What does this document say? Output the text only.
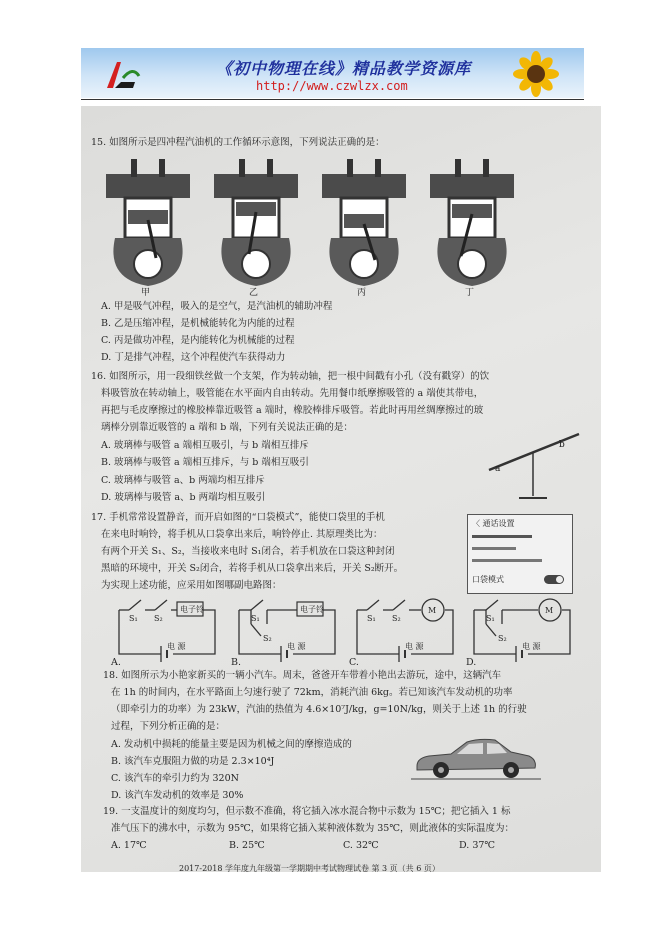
《初中物理在线》精品教学资源库
http://www.czwlzx.com
15. 如图所示是四冲程汽油机的工作循环示意图，下列说法正确的是：
甲	乙	丙	丁
A. 甲是吸气冲程，吸入的是空气，是汽油机的辅助冲程
B. 乙是压缩冲程，是机械能转化为内能的过程
C. 丙是做功冲程，是内能转化为机械能的过程
D. 丁是排气冲程，这个冲程使汽车获得动力
16. 如图所示，用一段细铁丝做一个支架，作为转动轴，把一根中间戳有小孔（没有戳穿）的饮
料吸管放在转动轴上，吸管能在水平面内自由转动。先用餐巾纸摩擦吸管的 a 端使其带电，
再把与毛皮摩擦过的橡胶棒靠近吸管 a 端时，橡胶棒排斥吸管。若此时再用丝绸摩擦过的玻
璃棒分别靠近吸管的 a 端和 b 端，下列有关说法正确的是：
A. 玻璃棒与吸管 a 端相互吸引，与 b 端相互排斥
B. 玻璃棒与吸管 a 端相互排斥，与 b 端相互吸引
C. 玻璃棒与吸管 a、b 两端均相互排斥
D. 玻璃棒与吸管 a、b 两端均相互吸引
b
a
17. 手机常常设置静音，而开启如图的“口袋模式”，能使口袋里的手机
在来电时响铃，将手机从口袋拿出来后，响铃停止. 其原理类比为：
有两个开关 S₁、S₂，当接收来电时 S₁闭合，若手机放在口袋这种封闭
黑暗的环境中，开关 S₂闭合，若将手机从口袋拿出来后，开关 S₂断开。
为实现上述功能，应采用如图哪副电路图：
〈 通话设置
口袋模式
电子铃
S₁ S₂
电 源
A.
电子铃
S₁
S₂
电 源
B.
M
S₁ S₂
电 源
C.
M
S₁
S₂
电 源
D.
18. 如图所示为小艳家新买的一辆小汽车。周末，爸爸开车带着小艳出去游玩，途中，这辆汽车
在 1h 的时间内，在水平路面上匀速行驶了 72km，消耗汽油 6kg。若已知该汽车发动机的功率
（即牵引力的功率）为 23kW，汽油的热值为 4.6×10⁷J/kg，g=10N/kg，则关于上述 1h 的行驶
过程，下列分析正确的是：
A. 发动机中损耗的能量主要是因为机械之间的摩擦造成的
B. 该汽车克服阻力做的功是 2.3×10⁴J
C. 该汽车的牵引力约为 320N
D. 该汽车发动机的效率是 30%
19. 一支温度计的刻度均匀，但示数不准确，将它插入冰水混合物中示数为 15℃；把它插入 1 标
准气压下的沸水中，示数为 95℃，如果将它插入某种液体数为 35℃，则此液体的实际温度为：
A. 17℃	B. 25℃	C. 32℃	D. 37℃
2017-2018 学年度九年级第一学期期中考试物理试卷 第 3 页（共 6 页）
